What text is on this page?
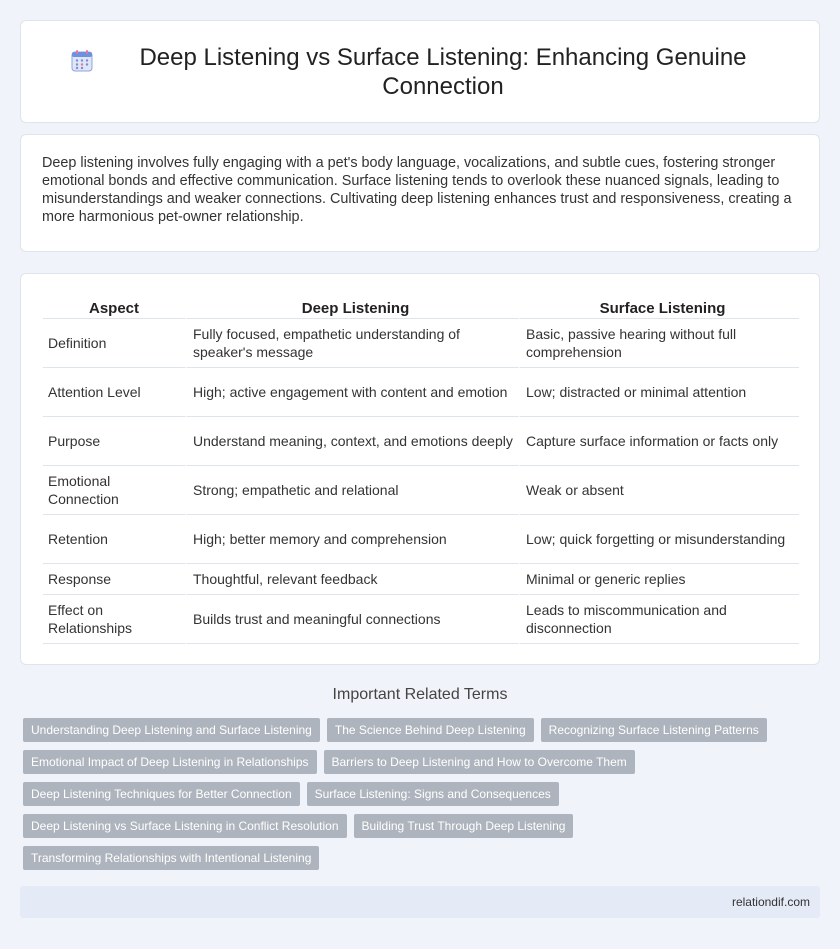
Deep Listening vs Surface Listening: Enhancing Genuine Connection

Deep listening involves fully engaging with a pet's body language, vocalizations, and subtle cues, fostering stronger emotional bonds and effective communication. Surface listening tends to overlook these nuanced signals, leading to misunderstandings and weaker connections. Cultivating deep listening enhances trust and responsiveness, creating a more harmonious pet-owner relationship.

Aspect	Deep Listening	Surface Listening
Definition	Fully focused, empathetic understanding of speaker's message	Basic, passive hearing without full comprehension
Attention Level	High; active engagement with content and emotion	Low; distracted or minimal attention
Purpose	Understand meaning, context, and emotions deeply	Capture surface information or facts only
Emotional Connection	Strong; empathetic and relational	Weak or absent
Retention	High; better memory and comprehension	Low; quick forgetting or misunderstanding
Response	Thoughtful, relevant feedback	Minimal or generic replies
Effect on Relationships	Builds trust and meaningful connections	Leads to miscommunication and disconnection
Important Related Terms
Understanding Deep Listening and Surface Listening	The Science Behind Deep Listening	Recognizing Surface Listening Patterns
Emotional Impact of Deep Listening in Relationships	Barriers to Deep Listening and How to Overcome Them
Deep Listening Techniques for Better Connection	Surface Listening: Signs and Consequences
Deep Listening vs Surface Listening in Conflict Resolution	Building Trust Through Deep Listening
Transforming Relationships with Intentional Listening
relationdif.com
